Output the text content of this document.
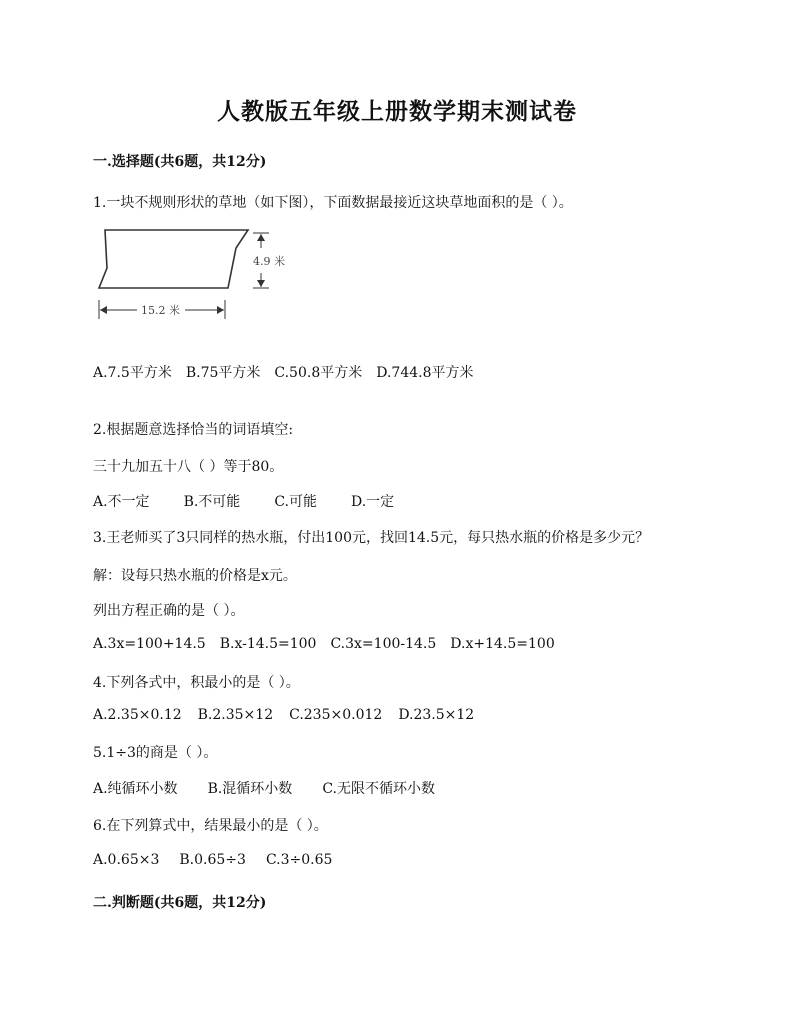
人教版五年级上册数学期末测试卷
一.选择题(共6题，共12分)
1.一块不规则形状的草地（如下图），下面数据最接近这块草地面积的是（ ）。
4.9 米
15.2 米
A.7.5平方米 B.75平方米 C.50.8平方米 D.744.8平方米
2.根据题意选择恰当的词语填空:
三十九加五十八（ ）等于80。
A.不一定 B.不可能 C.可能 D.一定
3.王老师买了3只同样的热水瓶，付出100元，找回14.5元，每只热水瓶的价格是多少元？
解：设每只热水瓶的价格是x元。
列出方程正确的是（ ）。
A.3x=100+14.5 B.x-14.5=100 C.3x=100-14.5 D.x+14.5=100
4.下列各式中，积最小的是（ ）。
A.2.35×0.12 B.2.35×12 C.235×0.012 D.23.5×12
5.1÷3的商是（ ）。
A.纯循环小数 B.混循环小数 C.无限不循环小数
6.在下列算式中，结果最小的是（ ）。
A.0.65×3 B.0.65÷3 C.3÷0.65
二.判断题(共6题，共12分)
